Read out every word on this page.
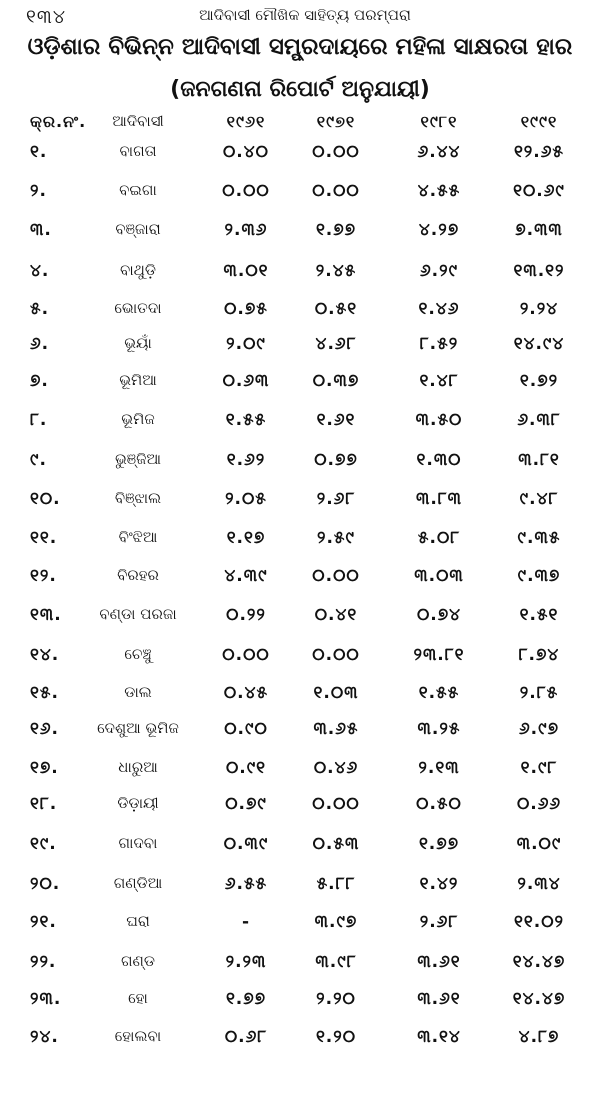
୧୩୪	ଆଦିବାସୀ ମୌଖିକ ସାହିତ୍ୟ ପରମ୍ପରା
ଓଡ଼ିଶାର ବିଭିନ୍ନ ଆଦିବାସୀ ସମ୍ପ୍ରଦାୟରେ ମହିଳା ସାକ୍ଷରତା ହାର
(ଜନଗଣନା ରିପୋର୍ଟ ଅନୁଯାୟୀ)
କ୍ର.ନଂ.	ଆଦିବାସୀ	୧୯୬୧	୧୯୭୧	୧୯୮୧	୧୯୯୧
୧.	ବାଗତା	୦.୪୦	୦.୦୦	୬.୪୪	୧୨.୬୫
୨.	ବଇଗା	୦.୦୦	୦.୦୦	୪.୫୫	୧୦.୬୯
୩.	ବଞ୍ଜାରା	୨.୩୬	୧.୭୭	୪.୨୭	୭.୩୩
୪.	ବାଥୁଡ଼ି	୩.୦୧	୨.୪୫	୬.୨୯	୧୩.୧୨
୫.	ଭୋତଦା	୦.୭୫	୦.୫୧	୧.୪୬	୨.୨୪
୬.	ଭୂୟାଁ	୨.୦୯	୪.୬୮	୮.୫୨	୧୪.୯୪
୭.	ଭୂମିଆ	୦.୬୩	୦.୩୭	୧.୪୮	୧.୭୨
୮.	ଭୂମିଜ	୧.୫୫	୧.୬୧	୩.୫୦	୬.୩୮
୯.	ଭୁଞ୍ଜିଆ	୧.୬୨	୦.୭୭	୧.୩୦	୩.୮୧
୧୦.	ବିଞ୍ଝାଲ	୨.୦୫	୨.୬୮	୩.୮୩	୯.୪୮
୧୧.	ବିଂଝିଆ	୧.୧୭	୨.୫୯	୫.୦୮	୯.୩୫
୧୨.	ବିରହର	୪.୩୯	୦.୦୦	୩.୦୩	୯.୩୭
୧୩.	ବଣ୍ଡା ପରଜା	୦.୨୨	୦.୪୧	୦.୭୪	୧.୫୧
୧୪.	ଚେଞ୍ଚୁ	୦.୦୦	୦.୦୦	୨୩.୮୧	୮.୭୪
୧୫.	ଡାଲ	୦.୪୫	୧.୦୩	୧.୫୫	୨.୮୫
୧୬.	ଦେଶୁଆ ଭୂମିଜ	୦.୯୦	୩.୬୫	୩.୨୫	୬.୯୭
୧୭.	ଧାରୁଆ	୦.୯୧	୦.୪୬	୨.୧୩	୧.୯୮
୧୮.	ଡିଡ଼ାୟୀ	୦.୭୯	୦.୦୦	୦.୫୦	୦.୬୬
୧୯.	ଗାଦବା	୦.୩୯	୦.୫୩	୧.୭୭	୩.୦୯
୨୦.	ଗଣ୍ଡିଆ	୬.୫୫	୫.୮୮	୧.୪୨	୨.୩୪
୨୧.	ଘରା	-	୩.୯୭	୨.୬୮	୧୧.୦୨
୨୨.	ଗଣ୍ଡ	୨.୨୩	୩.୯୮	୩.୬୧	୧୪.୪୭
୨୩.	ହୋ	୧.୭୭	୨.୨୦	୩.୬୧	୧୪.୪୭
୨୪.	ହୋଲବା	୦.୬୮	୧.୨୦	୩.୧୪	୪.୮୭
